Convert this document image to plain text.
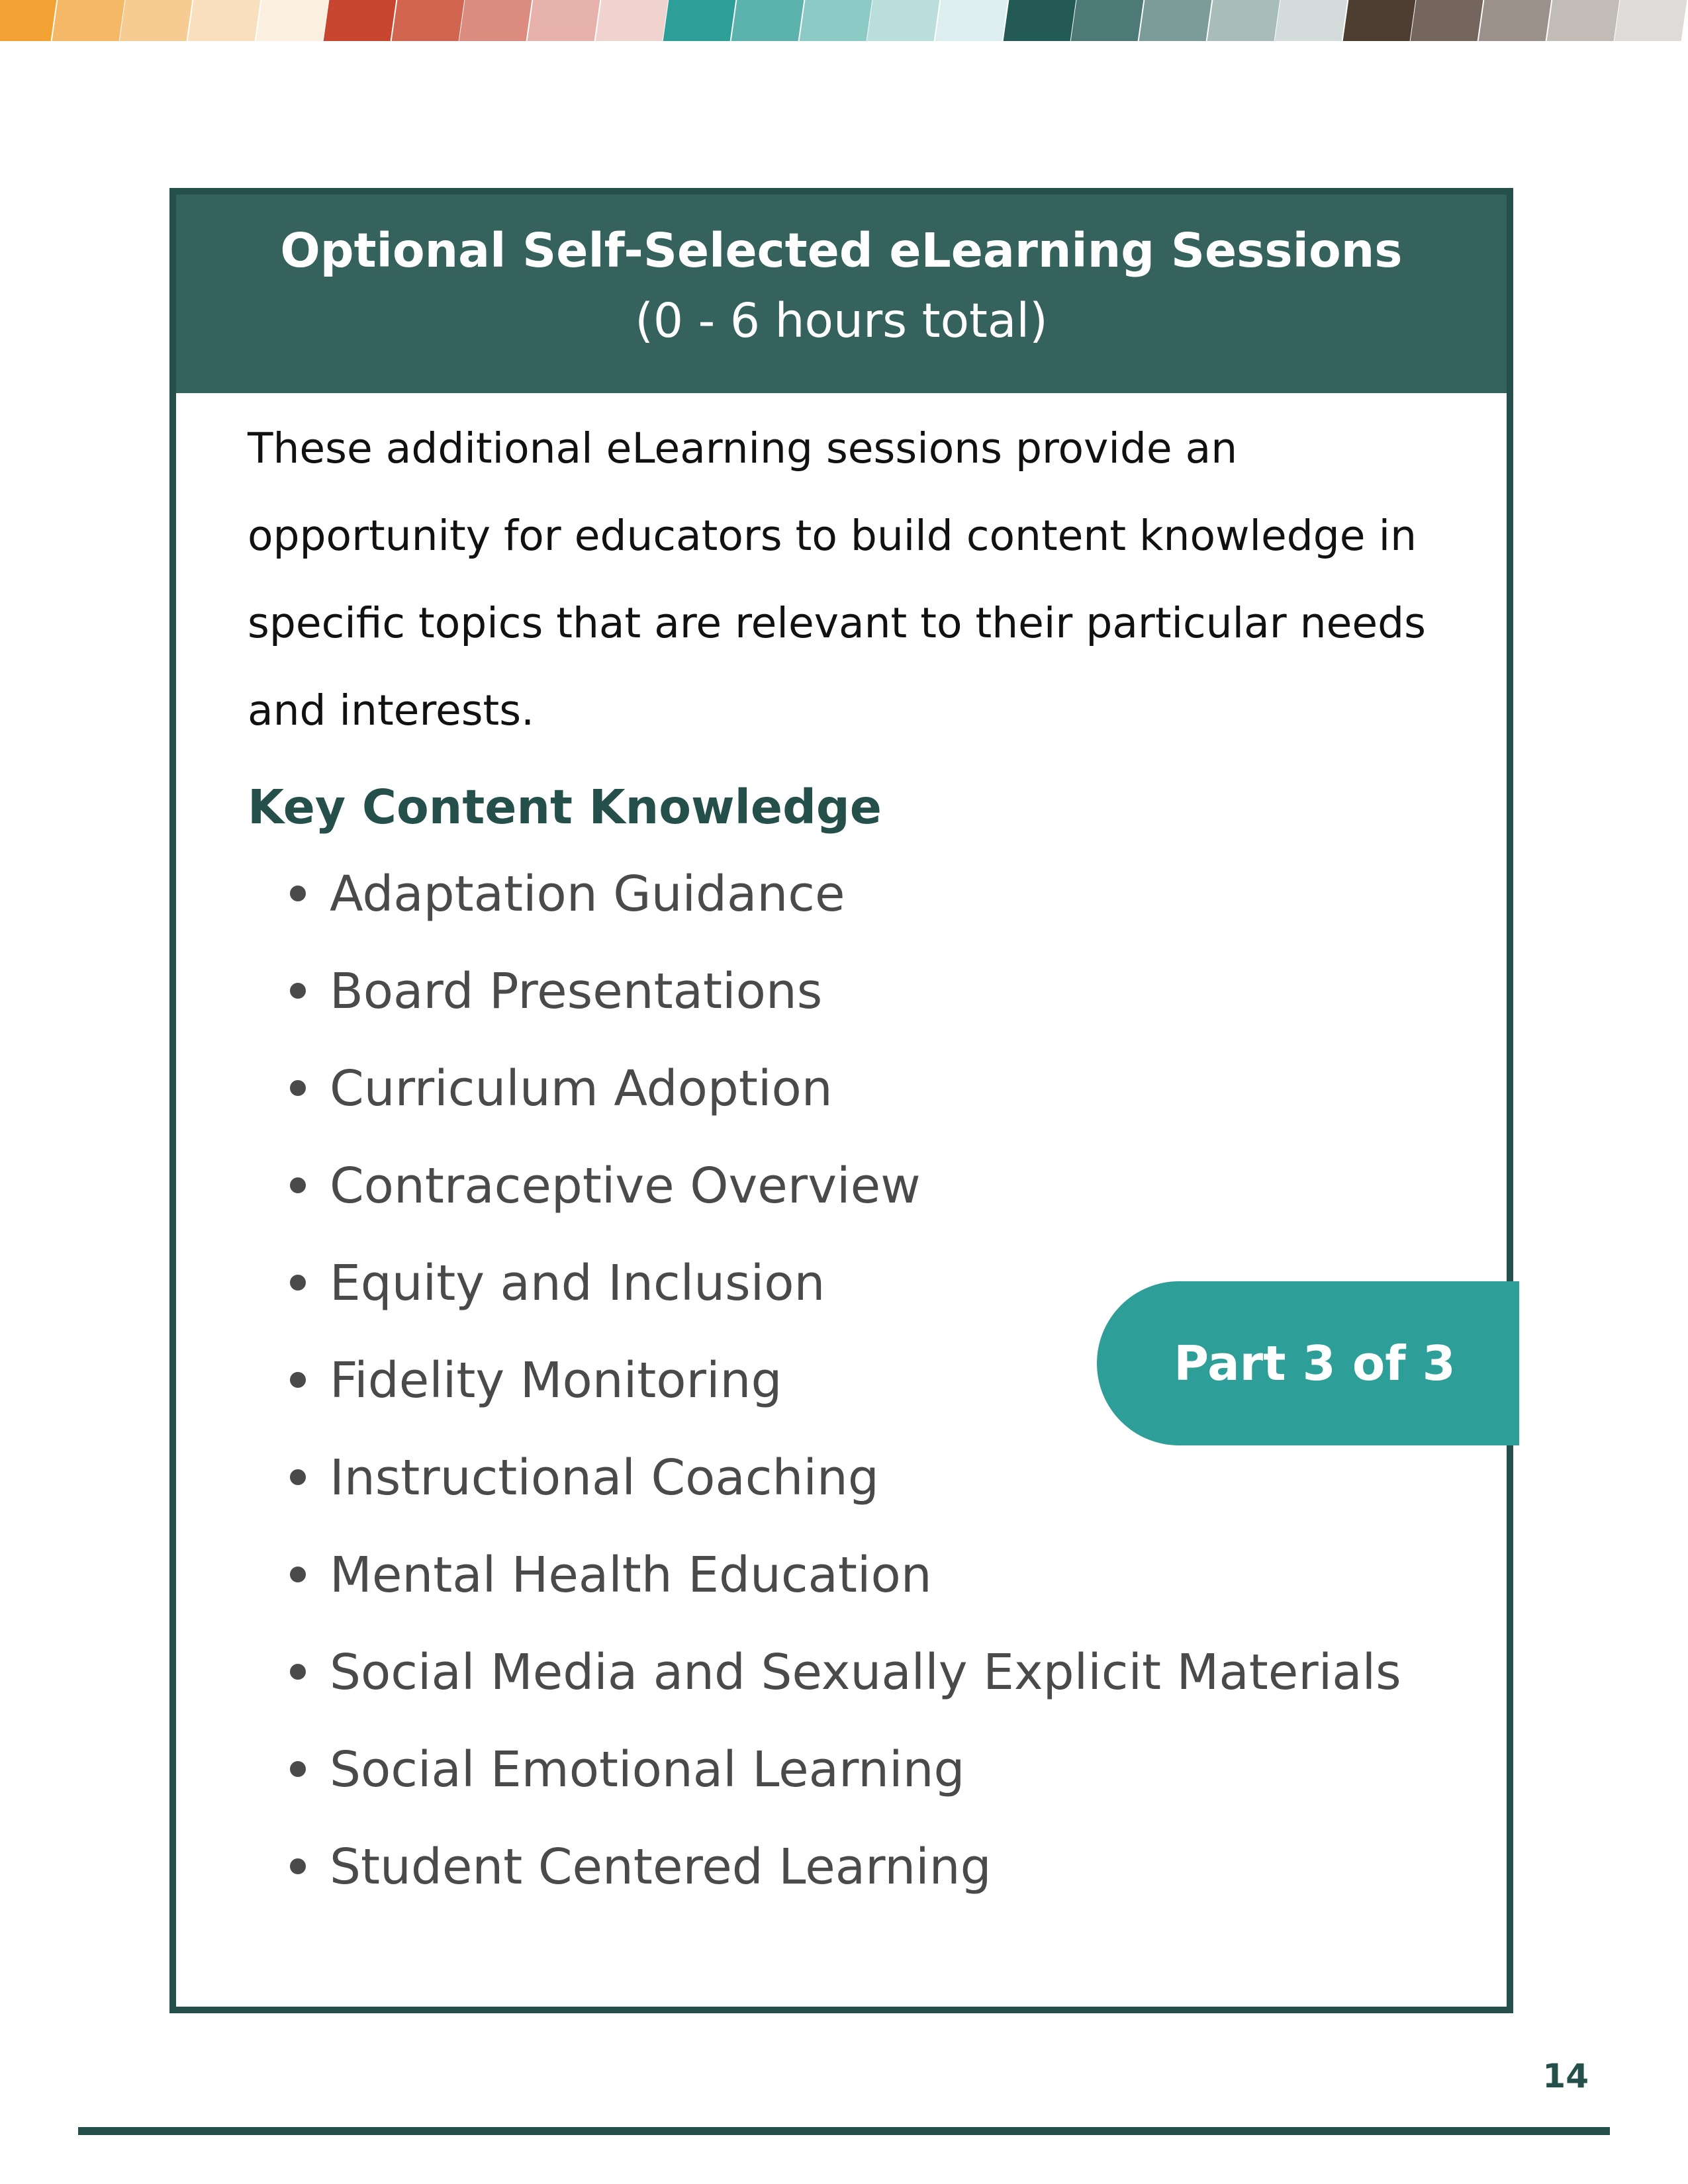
Optional Self-Selected eLearning Sessions
(0 - 6 hours total)

These additional eLearning sessions provide an opportunity for educators to build content knowledge in specific topics that are relevant to their particular needs and interests.

Key Content Knowledge
Adaptation Guidance
Board Presentations
Curriculum Adoption
Contraceptive Overview
Equity and Inclusion
Fidelity Monitoring
Instructional Coaching
Mental Health Education
Social Media and Sexually Explicit Materials
Social Emotional Learning
Student Centered Learning
Part 3 of 3
14
